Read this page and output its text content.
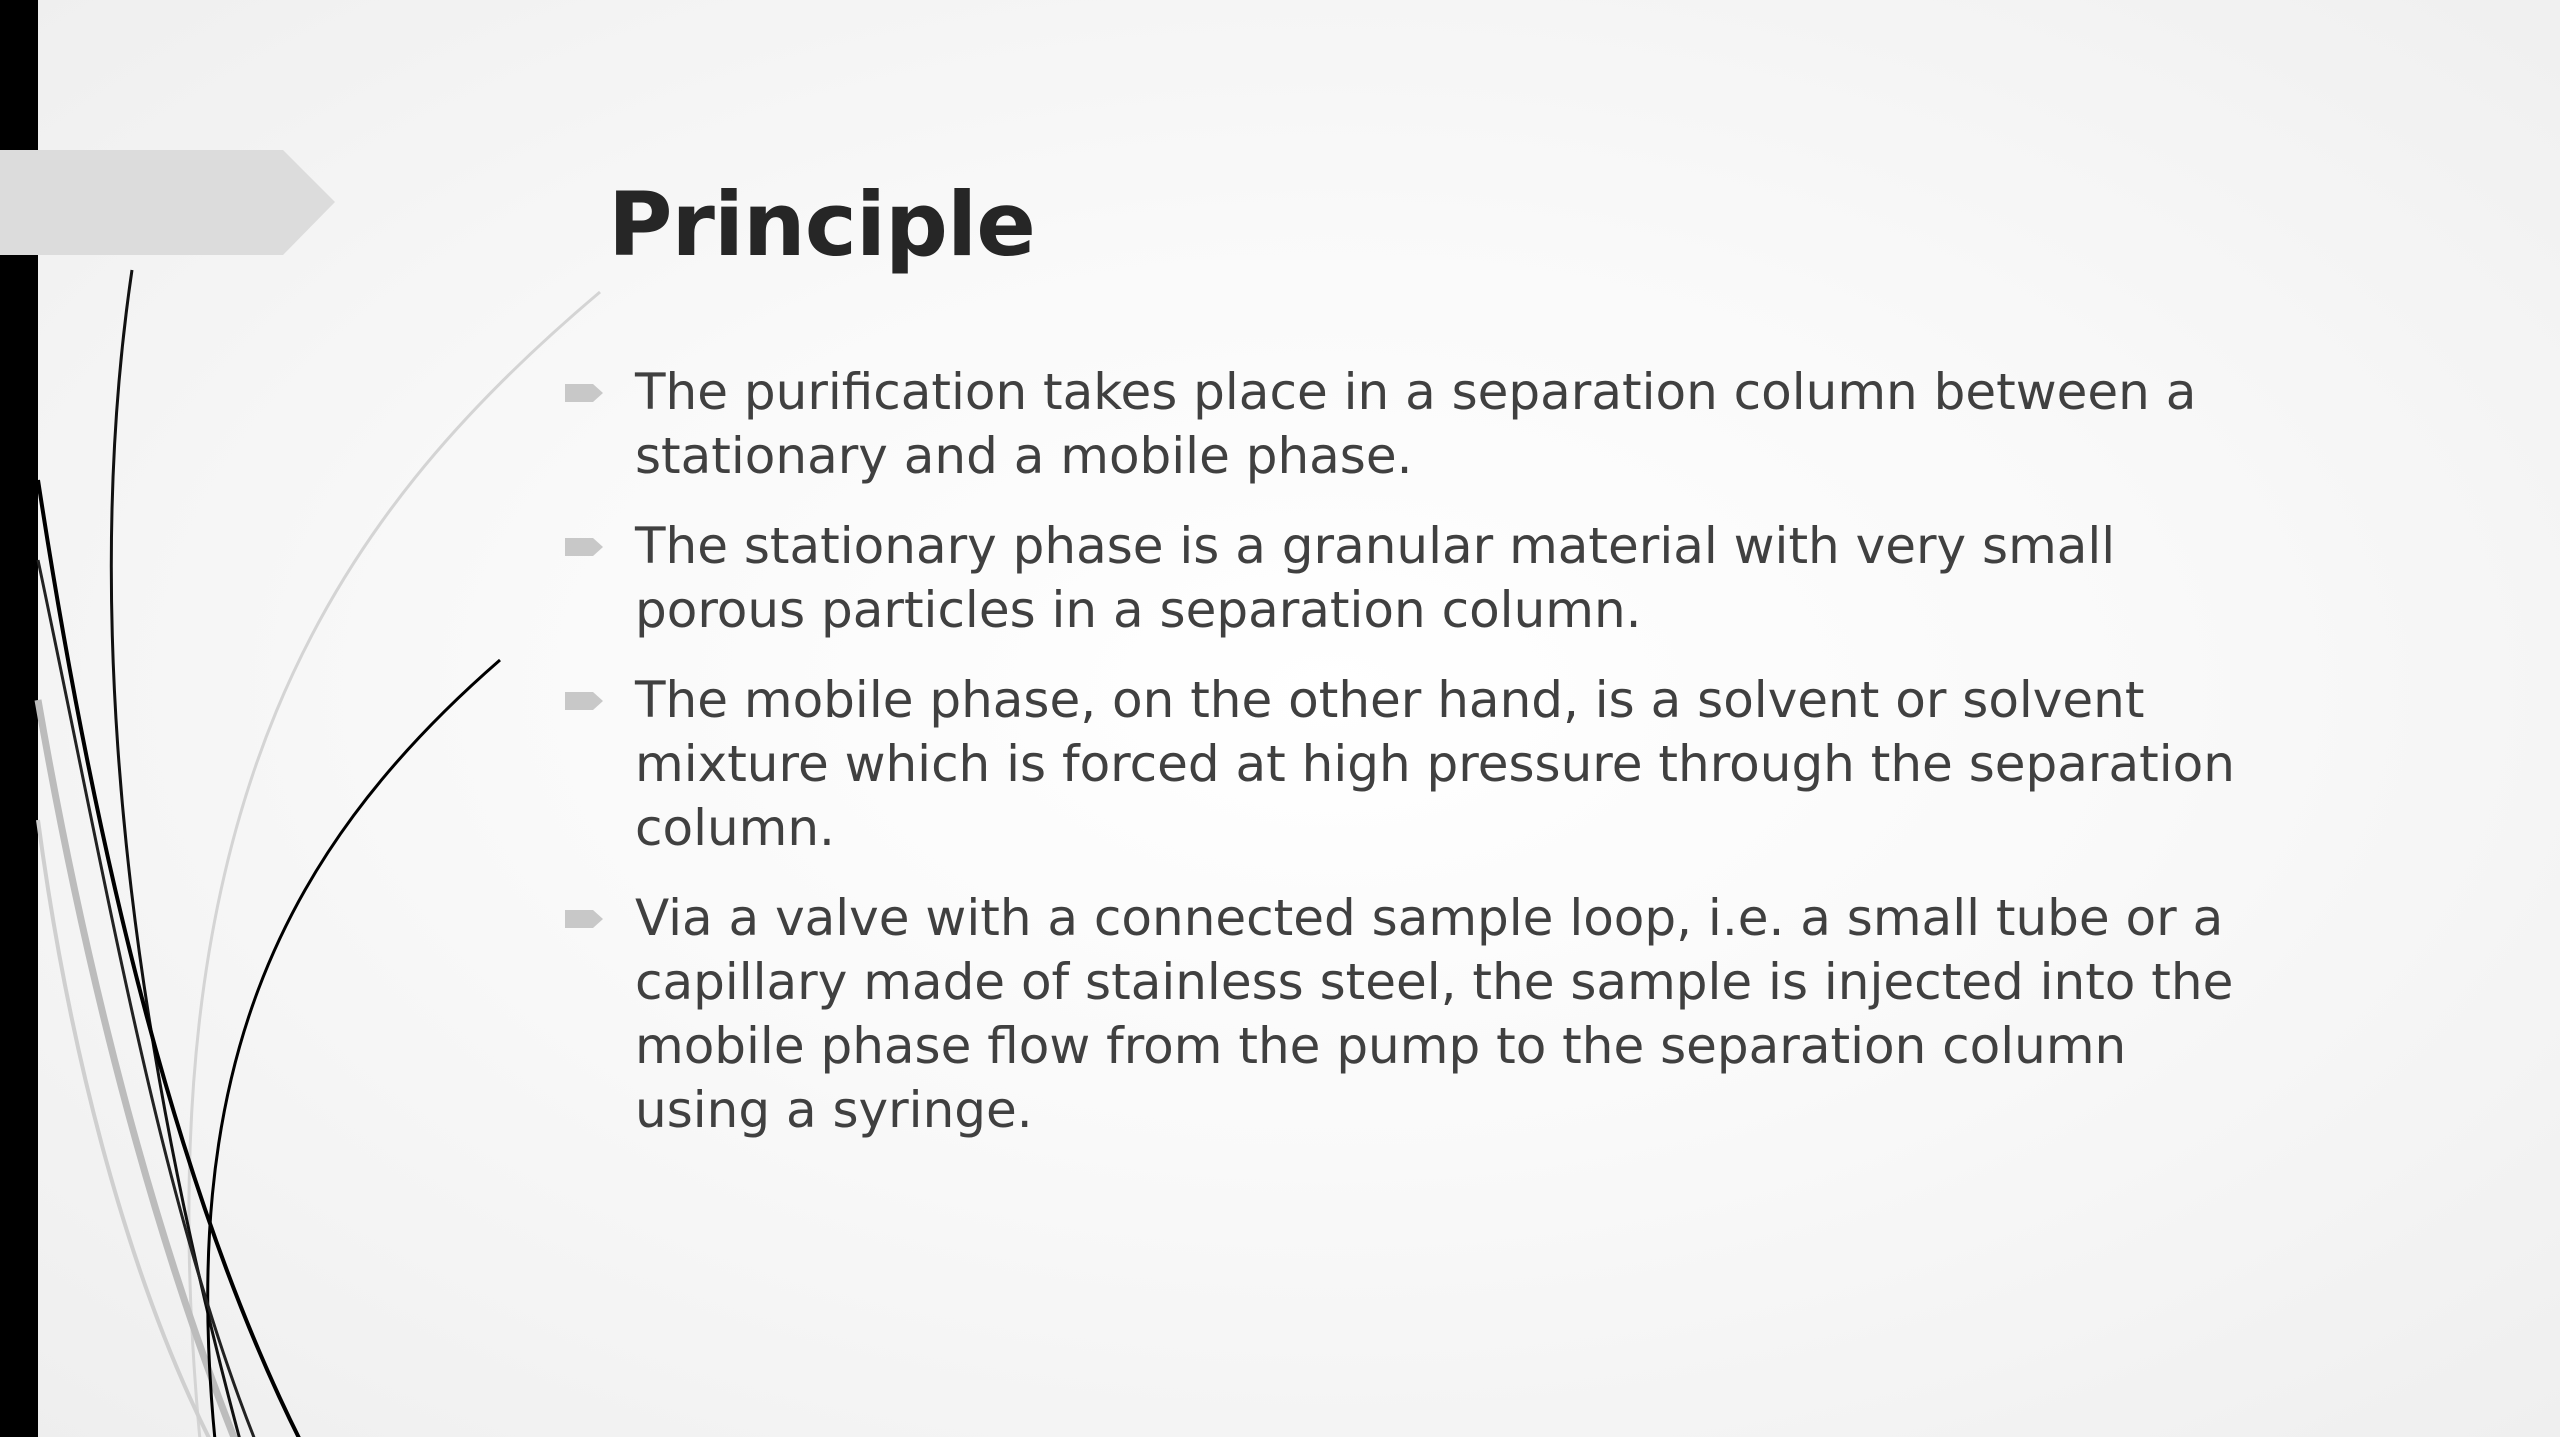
Principle
The purification takes place in a separation column between a stationary and a mobile phase.
The stationary phase is a granular material with very small porous particles in a separation column.
The mobile phase, on the other hand, is a solvent or solvent mixture which is forced at high pressure through the separation column.
Via a valve with a connected sample loop, i.e. a small tube or a capillary made of stainless steel, the sample is injected into the mobile phase flow from the pump to the separation column using a syringe.
